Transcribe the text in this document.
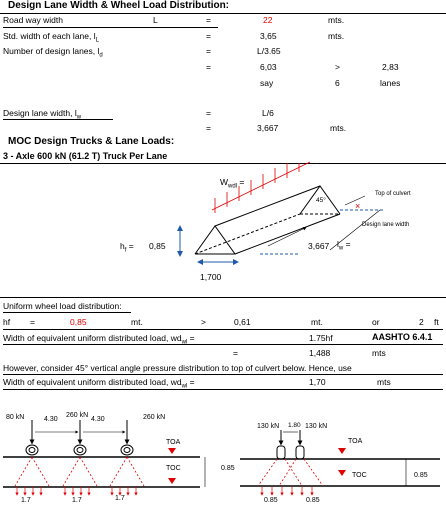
Design Lane Width & Wheel Load Distribution:
Road way width	L	=	22	mts.
Std. width of each lane, $l_L$	=	3,65	mts.
Number of design lanes, $l_d$	=	L/3.65
=	6,03	>	2,83
say	6	lanes
Design lane width, $l_w$	=	L/6
=	3,667	mts.
MOC Design Trucks & Lane Loads:
3 - Axle 600 kN (61.2 T) Truck Per Lane
×
$W_{wdl}$ =
45°
Top of culvert
Design lane width
$h_f = 0,85$	3,667 $l_w$ =
1,700
Uniform wheel load distribution:
hf =	0,85	mt.	>	0,61	mt.	or	2 ft
Width of equivalent uniform distributed load, $wd_{wl}$ =	1.75hf	AASHTO 6.4.1
=	1,488	mts
However, consider 45° vertical angle pressure distribution to top of culvert below. Hence, use
Width of equivalent uniform distributed load, $wd_{wl}$ =	1,70	mts
80 kN	260 kN	260 kN
4.30	4.30
TOA
TOC	0.85
1.7	1.7	1.7
130 kN	130 kN
1.80
TOA
TOC	0.85
0.85	0.85
